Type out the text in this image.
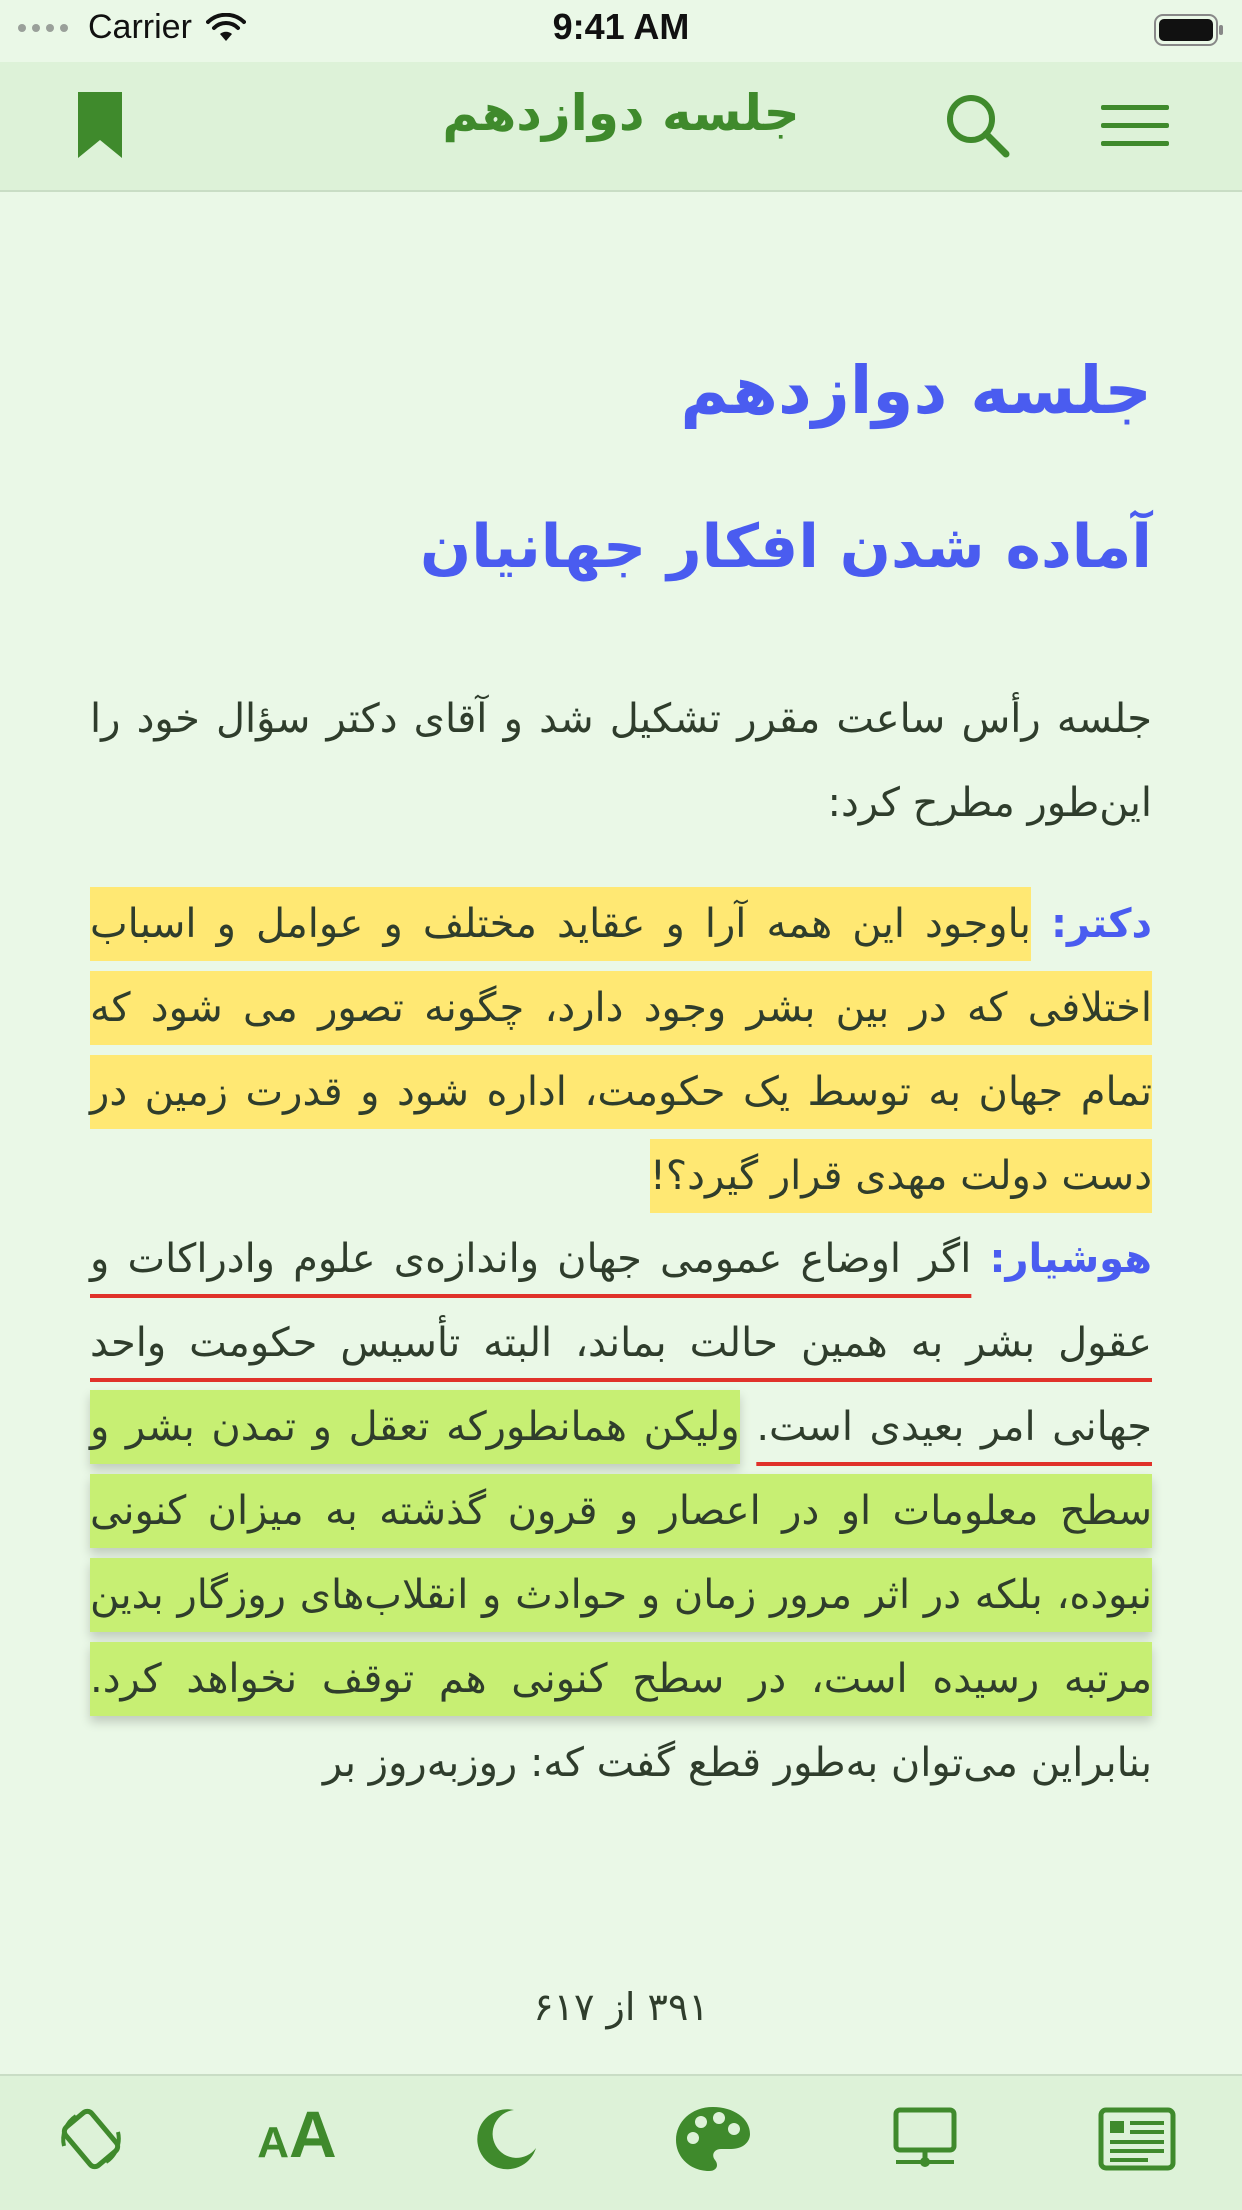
Carrier	9:41 AM
جلسه دوازدهم
جلسه دوازدهم
آماده شدن افکار جهانیان

جلسه رأس ساعت مقرر تشکیل شد و آقای دکتر سؤال خود را این‌طور مطرح کرد:

دکتر: باوجود این همه آرا و عقاید مختلف و عوامل و اسباب اختلافی که در بین بشر وجود دارد، چگونه تصور می شود که تمام جهان به توسط یک حکومت، اداره شود و قدرت زمین در دست دولت مهدی قرار گیرد؟!

هوشیار: اگر اوضاع عمومی جهان واندازه‌ی علوم وادراکات و عقول بشر به همین حالت بماند، البته تأسیس حکومت واحد جهانی امر بعیدی است. ولیکن همانطورکه تعقل و تمدن بشر و سطح معلومات او در اعصار و قرون گذشته به میزان کنونی نبوده، بلکه در اثر مرور زمان و حوادث و انقلاب‌های روزگار بدین مرتبه رسیده است، در سطح کنونی هم توقف نخواهد کرد. بنابراین می‌توان به‌طور قطع گفت که: روزبه‌روز بر

۳۹۱ از ۶۱۷
A A
